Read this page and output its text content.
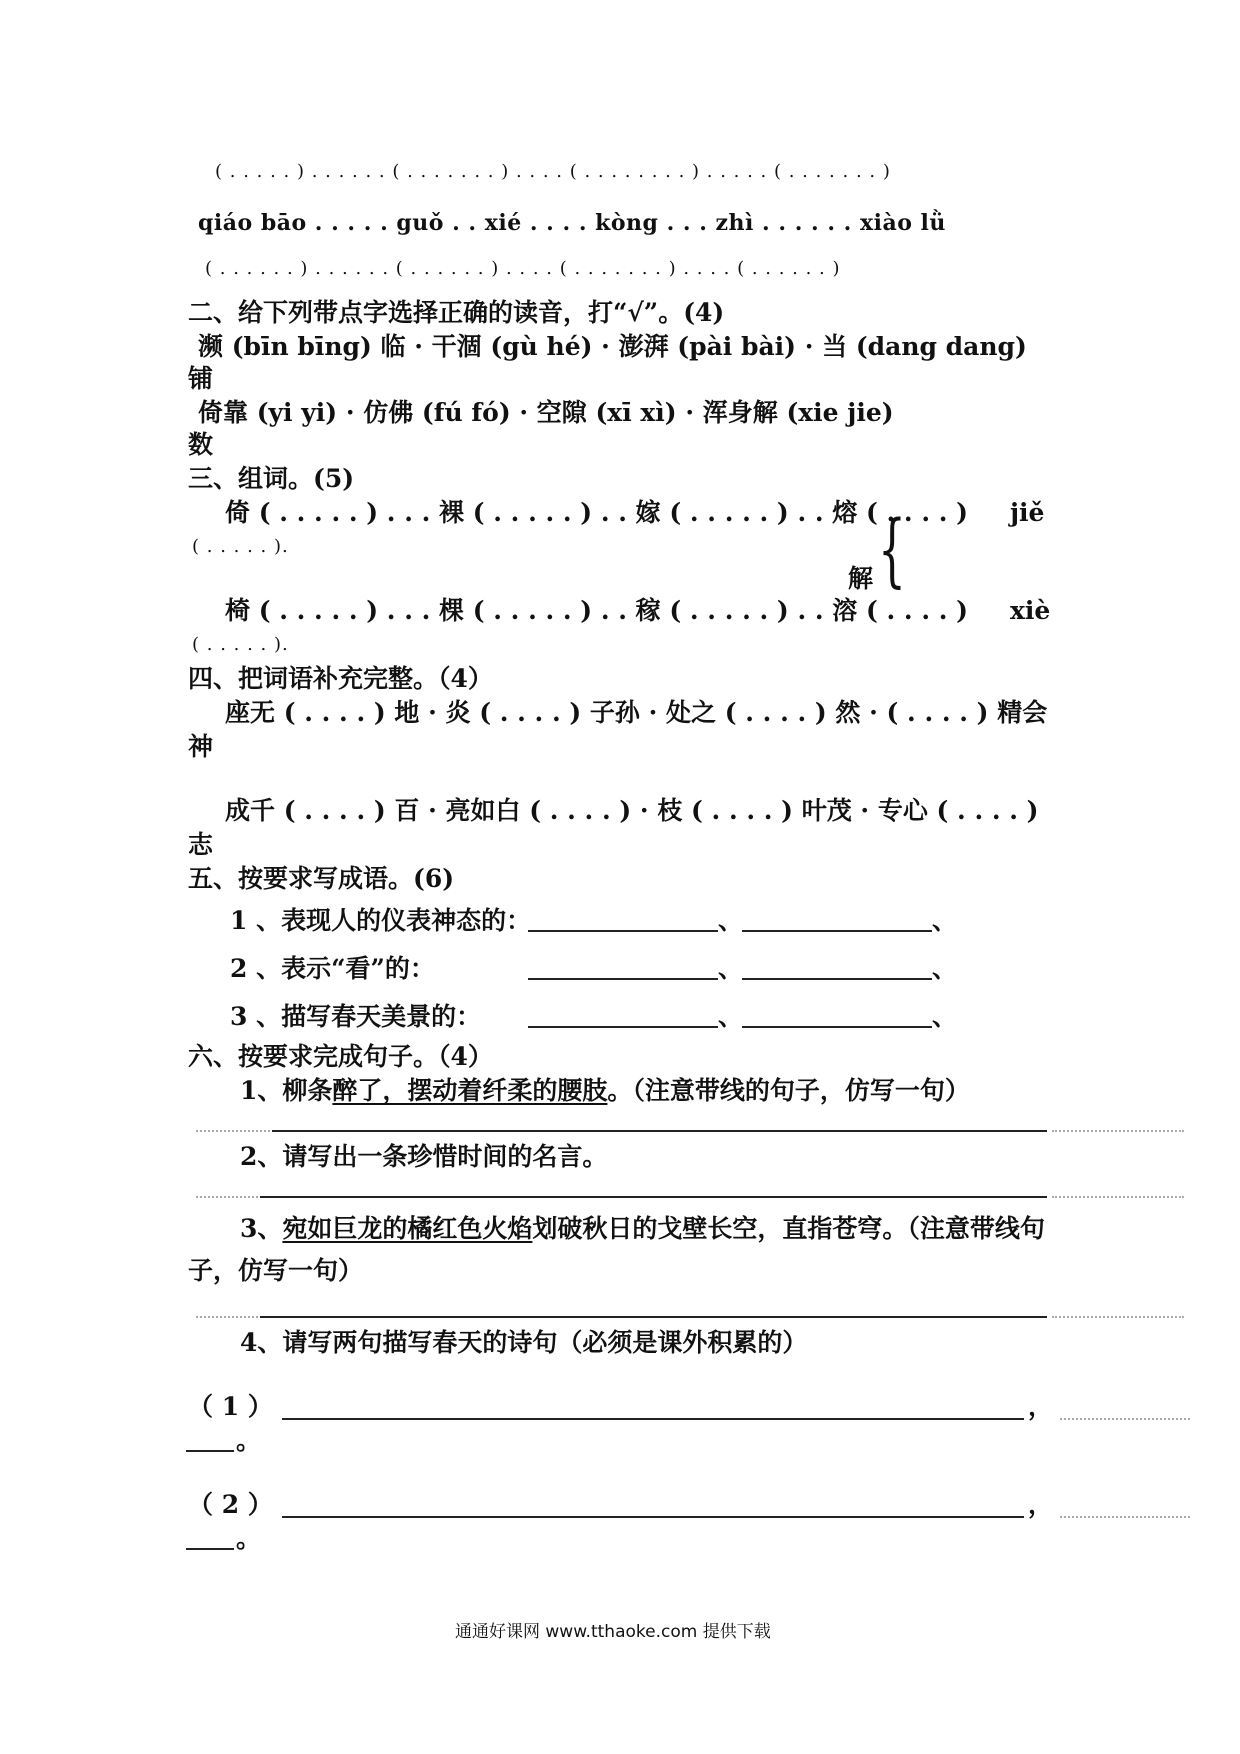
( . . . . . ) . . . . . . ( . . . . . . . ) . . . . ( . . . . . . . . ) . . . . . ( . . . . . . . )
qiáo bāo . . . . . guǒ . . xié . . . . kòng . . . zhì . . . . . . xiào lǜ
( . . . . . . ) . . . . . . ( . . . . . . ) . . . . ( . . . . . . . ) . . . . ( . . . . . . )
二、给下列带点字选择正确的读音，打“√”。(4)
濒 (bīn bīng) 临 · 干涸 (gù hé) · 澎湃 (pài bài) · 当 (dang dang)
铺
倚靠 (yi yi) · 仿佛 (fú fó) · 空隙 (xī xì) · 浑身解 (xie jie)
数
三、组词。(5)
倚 ( . . . . . ) . . . 裸 ( . . . . . ) . . 嫁 ( . . . . . ) . . 熔 ( . . . . ) jiě
( . . . . . ).	{
解
椅 ( . . . . . ) . . . 棵 ( . . . . . ) . . 稼 ( . . . . . ) . . 溶 ( . . . . ) xiè
( . . . . . ).
四、把词语补充完整。（4）
座无 ( . . . . ) 地 · 炎 ( . . . . ) 子孙 · 处之 ( . . . . ) 然 · ( . . . . ) 精会
神
成千 ( . . . . ) 百 · 亮如白 ( . . . . ) · 枝 ( . . . . ) 叶茂 · 专心 ( . . . . )
志
五、按要求写成语。(6)
1 、表现人的仪表神态的：	、	、
2 、表示“看”的：	、	、
3 、描写春天美景的：	、	、
六、按要求完成句子。（4）
1、柳条醉了，摆动着纤柔的腰肢。（注意带线的句子，仿写一句）
2、请写出一条珍惜时间的名言。
3、宛如巨龙的橘红色火焰划破秋日的戈壁长空，直指苍穹。（注意带线句
子，仿写一句）
4、请写两句描写春天的诗句（必须是课外积累的）
（ 1 ）	，
。
（ 2 ）	，
。
通通好课网 www.tthaoke.com 提供下载
